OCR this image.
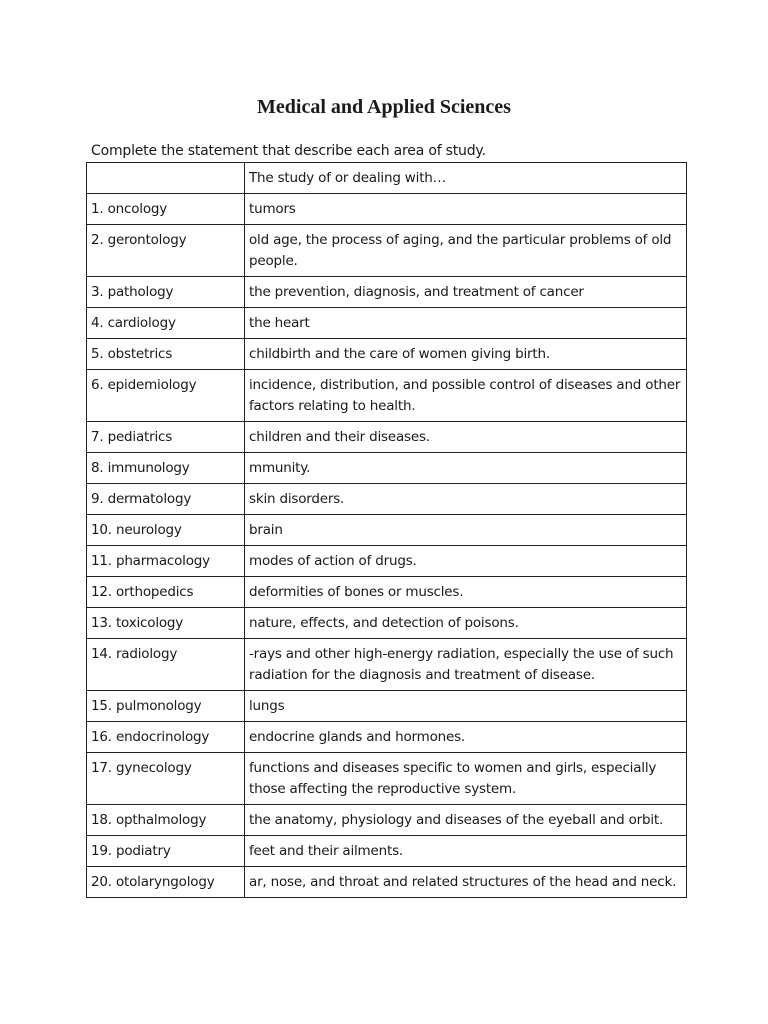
Medical and Applied Sciences

Complete the statement that describe each area of study.

	The study of or dealing with…
1. oncology	tumors
2. gerontology	old age, the process of aging, and the particular problems of old people.
3. pathology	the prevention, diagnosis, and treatment of cancer
4. cardiology	the heart
5. obstetrics	childbirth and the care of women giving birth.
6. epidemiology	incidence, distribution, and possible control of diseases and other factors relating to health.
7. pediatrics	children and their diseases.
8. immunology	mmunity.
9. dermatology	skin disorders.
10. neurology	brain
11. pharmacology	modes of action of drugs.
12. orthopedics	deformities of bones or muscles.
13. toxicology	nature, effects, and detection of poisons.
14. radiology	-rays and other high-energy radiation, especially the use of such radiation for the diagnosis and treatment of disease.
15. pulmonology	lungs
16. endocrinology	endocrine glands and hormones.
17. gynecology	functions and diseases specific to women and girls, especially those affecting the reproductive system.
18. opthalmology	the anatomy, physiology and diseases of the eyeball and orbit.
19. podiatry	feet and their ailments.
20. otolaryngology	ar, nose, and throat and related structures of the head and neck.
